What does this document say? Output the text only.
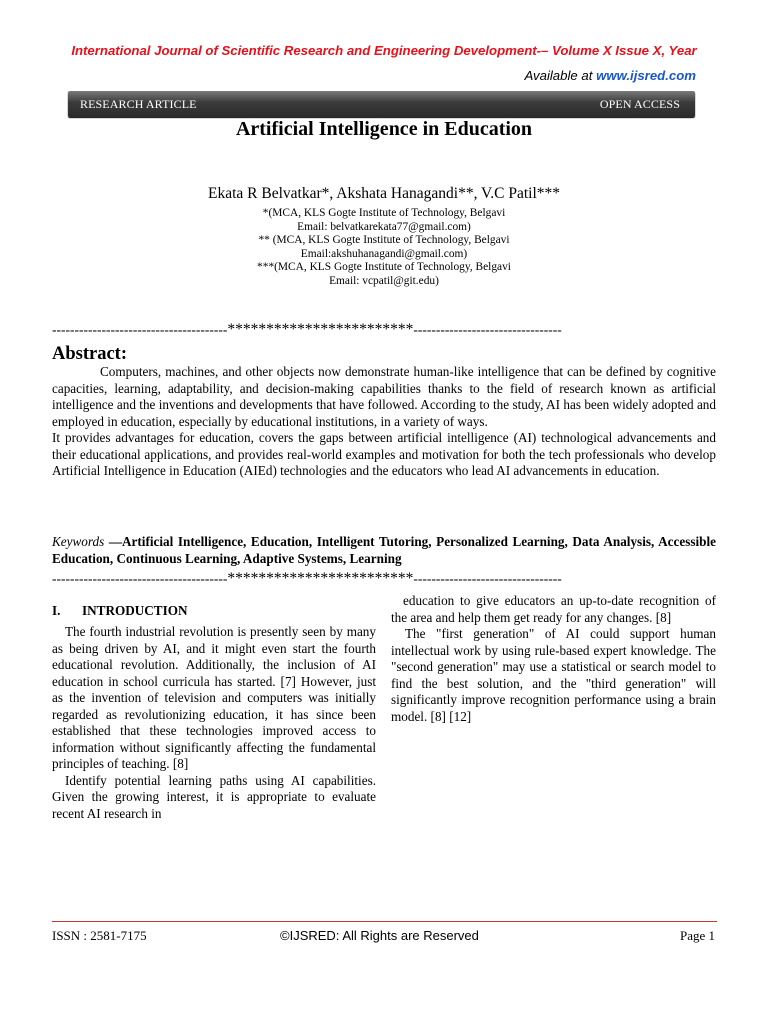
International Journal of Scientific Research and Engineering Development-– Volume X Issue X, Year
Available at www.ijsred.com
RESEARCH ARTICLE	OPEN ACCESS
Artificial Intelligence in Education
Ekata R Belvatkar*, Akshata Hanagandi**, V.C Patil***
*(MCA, KLS Gogte Institute of Technology, Belgavi
Email: belvatkarekata77@gmail.com)
** (MCA, KLS Gogte Institute of Technology, Belgavi
Email:akshuhanagandi@gmail.com)
***(MCA, KLS Gogte Institute of Technology, Belgavi
Email: vcpatil@git.edu)
---------------------------------------************************---------------------------------
Abstract:

Computers, machines, and other objects now demonstrate human-like intelligence that can be defined by cognitive capacities, learning, adaptability, and decision-making capabilities thanks to the field of research known as artificial intelligence and the inventions and developments that have followed. According to the study, AI has been widely adopted and employed in education, especially by educational institutions, in a variety of ways.

It provides advantages for education, covers the gaps between artificial intelligence (AI) technological advancements and their educational applications, and provides real-world examples and motivation for both the tech professionals who develop Artificial Intelligence in Education (AIEd) technologies and the educators who lead AI advancements in education.

Keywords —Artificial Intelligence, Education, Intelligent Tutoring, Personalized Learning, Data Analysis, Accessible Education, Continuous Learning, Adaptive Systems, Learning
---------------------------------------************************---------------------------------
I. INTRODUCTION

The fourth industrial revolution is presently seen by many as being driven by AI, and it might even start the fourth educational revolution. Additionally, the inclusion of AI education in school curricula has started. [7] However, just as the invention of television and computers was initially regarded as revolutionizing education, it has since been established that these technologies improved access to information without significantly affecting the fundamental principles of teaching. [8]

Identify potential learning paths using AI capabilities. Given the growing interest, it is appropriate to evaluate recent AI research in

education to give educators an up-to-date recognition of the area and help them get ready for any changes. [8]

The "first generation" of AI could support human intellectual work by using rule-based expert knowledge. The "second generation" may use a statistical or search model to find the best solution, and the "third generation" will significantly improve recognition performance using a brain model. [8] [12]

ISSN : 2581-7175	©IJSRED: All Rights are Reserved	Page 1
